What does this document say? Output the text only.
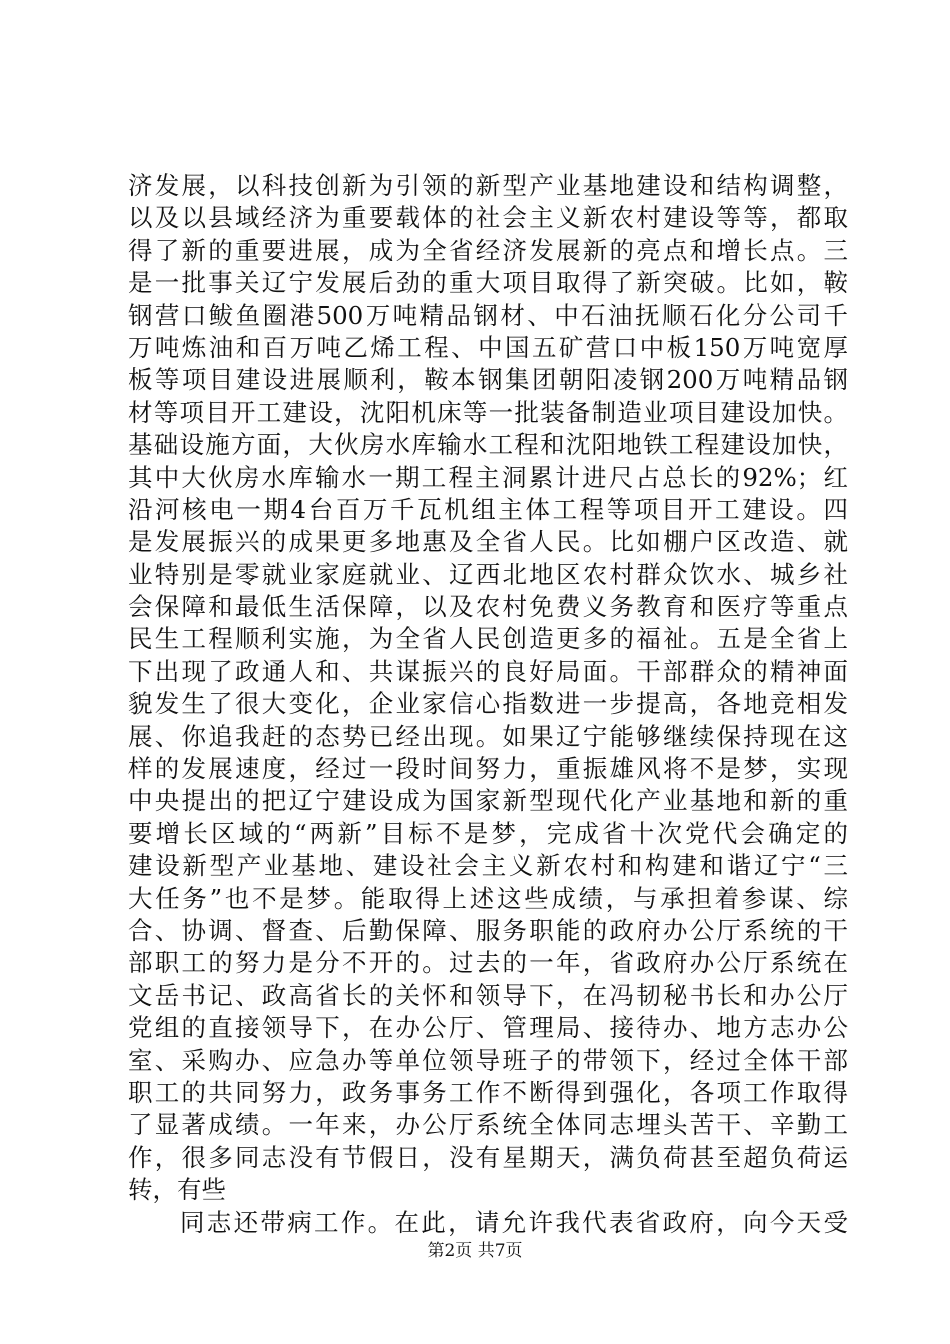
济发展，以科技创新为引领的新型产业基地建设和结构调整，
以及以县域经济为重要载体的社会主义新农村建设等等，都取
得了新的重要进展，成为全省经济发展新的亮点和增长点。三
是一批事关辽宁发展后劲的重大项目取得了新突破。比如，鞍
钢营口鲅鱼圈港500万吨精品钢材、中石油抚顺石化分公司千
万吨炼油和百万吨乙烯工程、中国五矿营口中板150万吨宽厚
板等项目建设进展顺利，鞍本钢集团朝阳凌钢200万吨精品钢
材等项目开工建设，沈阳机床等一批装备制造业项目建设加快。
基础设施方面，大伙房水库输水工程和沈阳地铁工程建设加快，
其中大伙房水库输水一期工程主洞累计进尺占总长的92%；红
沿河核电一期4台百万千瓦机组主体工程等项目开工建设。四
是发展振兴的成果更多地惠及全省人民。比如棚户区改造、就
业特别是零就业家庭就业、辽西北地区农村群众饮水、城乡社
会保障和最低生活保障，以及农村免费义务教育和医疗等重点
民生工程顺利实施，为全省人民创造更多的福祉。五是全省上
下出现了政通人和、共谋振兴的良好局面。干部群众的精神面
貌发生了很大变化，企业家信心指数进一步提高，各地竞相发
展、你追我赶的态势已经出现。如果辽宁能够继续保持现在这
样的发展速度，经过一段时间努力，重振雄风将不是梦，实现
中央提出的把辽宁建设成为国家新型现代化产业基地和新的重
要增长区域的“两新”目标不是梦，完成省十次党代会确定的
建设新型产业基地、建设社会主义新农村和构建和谐辽宁“三
大任务”也不是梦。能取得上述这些成绩，与承担着参谋、综
合、协调、督查、后勤保障、服务职能的政府办公厅系统的干
部职工的努力是分不开的。过去的一年，省政府办公厅系统在
文岳书记、政高省长的关怀和领导下，在冯韧秘书长和办公厅
党组的直接领导下，在办公厅、管理局、接待办、地方志办公
室、采购办、应急办等单位领导班子的带领下，经过全体干部
职工的共同努力，政务事务工作不断得到强化，各项工作取得
了显著成绩。一年来，办公厅系统全体同志埋头苦干、辛勤工
作，很多同志没有节假日，没有星期天，满负荷甚至超负荷运
转，有些
同志还带病工作。在此，请允许我代表省政府，向今天受
第2页 共7页
